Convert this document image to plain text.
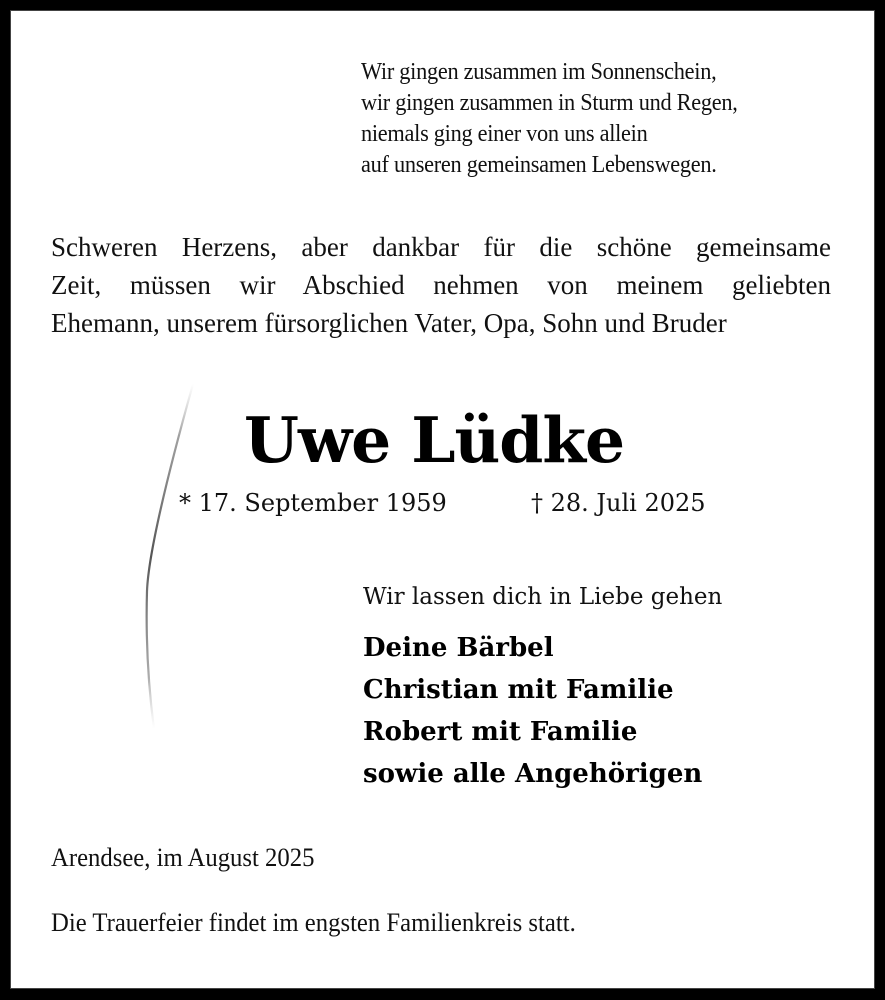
Wir gingen zusammen im Sonnenschein,
wir gingen zusammen in Sturm und Regen,
niemals ging einer von uns allein
auf unseren gemeinsamen Lebenswegen.
Schweren Herzens, aber dankbar für die schöne gemeinsame
Zeit, müssen wir Abschied nehmen von meinem geliebten
Ehemann, unserem fürsorglichen Vater, Opa, Sohn und Bruder
Uwe Lüdke
* 17. September 1959	† 28. Juli 2025
Wir lassen dich in Liebe gehen
Deine Bärbel
Christian mit Familie
Robert mit Familie
sowie alle Angehörigen
Arendsee, im August 2025
Die Trauerfeier findet im engsten Familienkreis statt.
